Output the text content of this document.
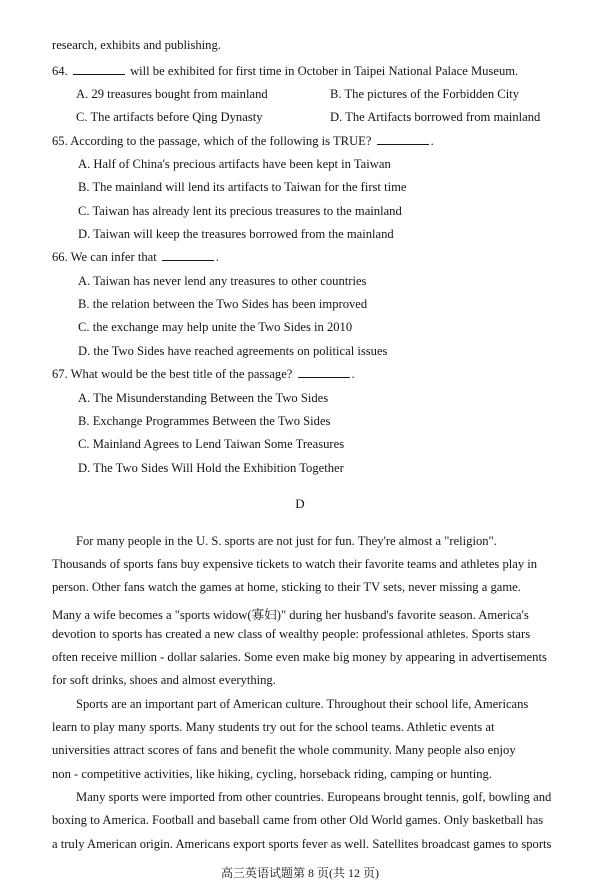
research, exhibits and publishing.
64.	will be exhibited for first time in October in Taipei National Palace Museum.
A. 29 treasures bought from mainland	B. The pictures of the Forbidden City
C. The artifacts before Qing Dynasty	D. The Artifacts borrowed from mainland
65. According to the passage, which of the following is TRUE?	.
A. Half of China's precious artifacts have been kept in Taiwan
B. The mainland will lend its artifacts to Taiwan for the first time
C. Taiwan has already lent its precious treasures to the mainland
D. Taiwan will keep the treasures borrowed from the mainland
66. We can infer that	.
A. Taiwan has never lend any treasures to other countries
B. the relation between the Two Sides has been improved
C. the exchange may help unite the Two Sides in 2010
D. the Two Sides have reached agreements on political issues
67. What would be the best title of the passage?	.
A. The Misunderstanding Between the Two Sides
B. Exchange Programmes Between the Two Sides
C. Mainland Agrees to Lend Taiwan Some Treasures
D. The Two Sides Will Hold the Exhibition Together
D
For many people in the U. S. sports are not just for fun. They're almost a "religion".
Thousands of sports fans buy expensive tickets to watch their favorite teams and athletes play in
person. Other fans watch the games at home, sticking to their TV sets, never missing a game.
Many a wife becomes a "sports widow(寡妇)" during her husband's favorite season. America's
devotion to sports has created a new class of wealthy people: professional athletes. Sports stars
often receive million - dollar salaries. Some even make big money by appearing in advertisements
for soft drinks, shoes and almost everything.
Sports are an important part of American culture. Throughout their school life, Americans
learn to play many sports. Many students try out for the school teams. Athletic events at
universities attract scores of fans and benefit the whole community. Many people also enjoy
non - competitive activities, like hiking, cycling, horseback riding, camping or hunting.
Many sports were imported from other countries. Europeans brought tennis, golf, bowling and
boxing to America. Football and baseball came from other Old World games. Only basketball has
a truly American origin. Americans export sports fever as well. Satellites broadcast games to sports
高三英语试题第 8 页(共 12 页)
